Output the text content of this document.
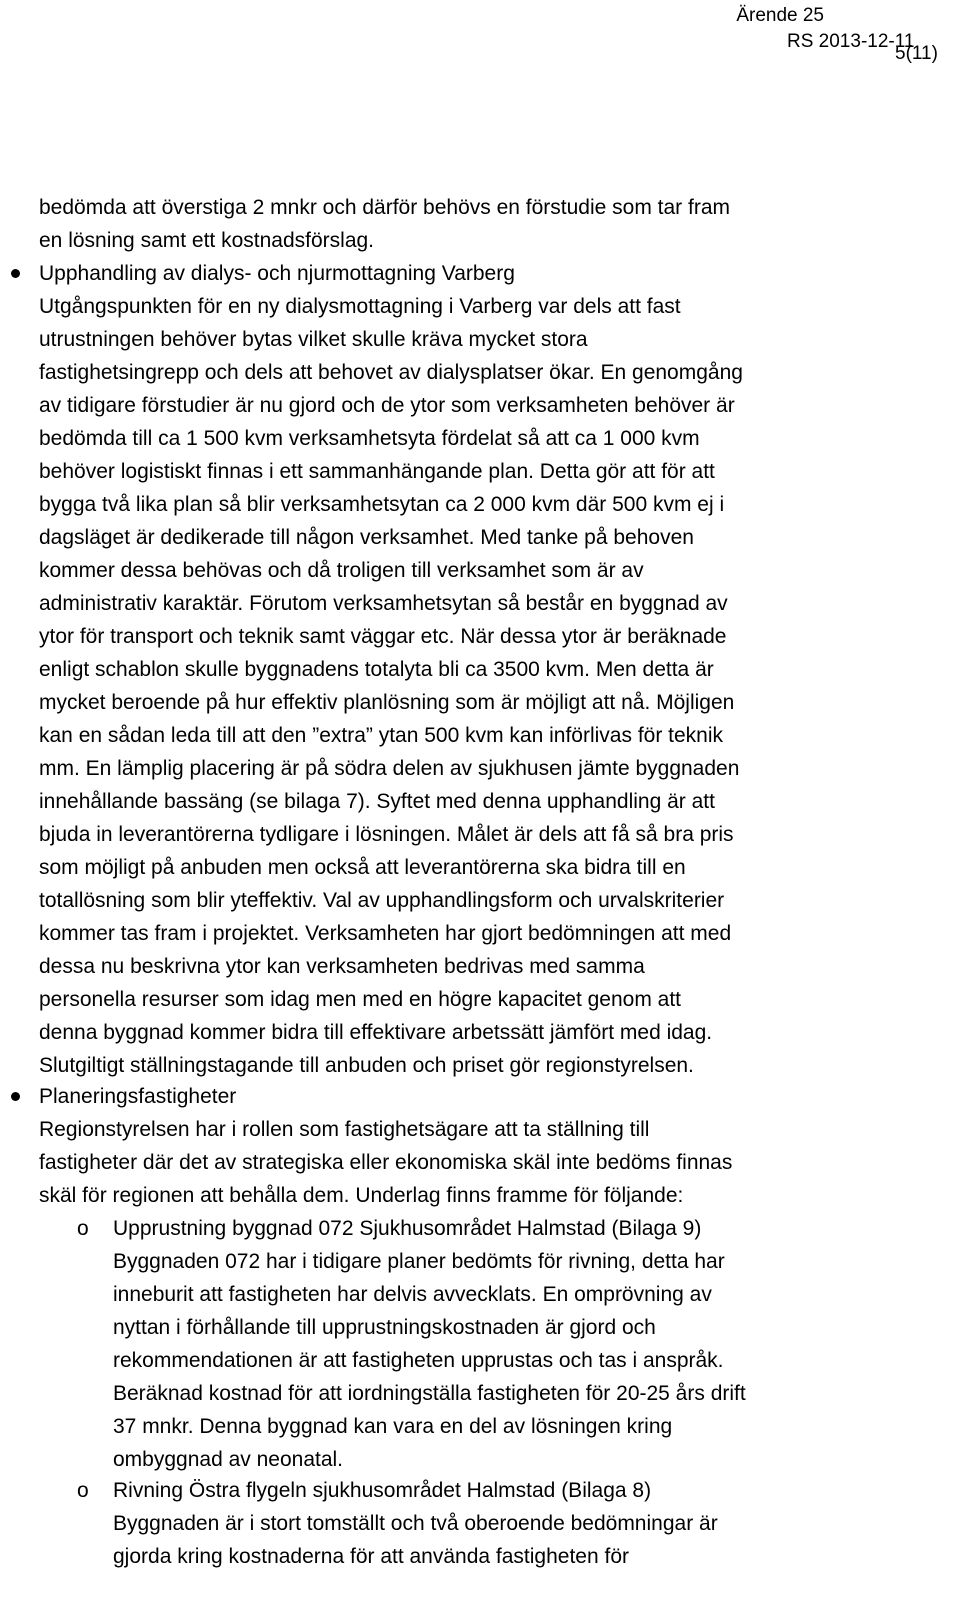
Ärende 25
RS 2013-12-11
5(11)
bedömda att överstiga 2 mnkr och därför behövs en förstudie som tar fram
en lösning samt ett kostnadsförslag.
Upphandling av dialys- och njurmottagning Varberg
Utgångspunkten för en ny dialysmottagning i Varberg var dels att fast
utrustningen behöver bytas vilket skulle kräva mycket stora
fastighetsingrepp och dels att behovet av dialysplatser ökar. En genomgång
av tidigare förstudier är nu gjord och de ytor som verksamheten behöver är
bedömda till ca 1 500 kvm verksamhetsyta fördelat så att ca 1 000 kvm
behöver logistiskt finnas i ett sammanhängande plan. Detta gör att för att
bygga två lika plan så blir verksamhetsytan ca 2 000 kvm där 500 kvm ej i
dagsläget är dedikerade till någon verksamhet. Med tanke på behoven
kommer dessa behövas och då troligen till verksamhet som är av
administrativ karaktär. Förutom verksamhetsytan så består en byggnad av
ytor för transport och teknik samt väggar etc. När dessa ytor är beräknade
enligt schablon skulle byggnadens totalyta bli ca 3500 kvm. Men detta är
mycket beroende på hur effektiv planlösning som är möjligt att nå. Möjligen
kan en sådan leda till att den ”extra” ytan 500 kvm kan införlivas för teknik
mm. En lämplig placering är på södra delen av sjukhusen jämte byggnaden
innehållande bassäng (se bilaga 7). Syftet med denna upphandling är att
bjuda in leverantörerna tydligare i lösningen. Målet är dels att få så bra pris
som möjligt på anbuden men också att leverantörerna ska bidra till en
totallösning som blir yteffektiv. Val av upphandlingsform och urvalskriterier
kommer tas fram i projektet. Verksamheten har gjort bedömningen att med
dessa nu beskrivna ytor kan verksamheten bedrivas med samma
personella resurser som idag men med en högre kapacitet genom att
denna byggnad kommer bidra till effektivare arbetssätt jämfört med idag.
Slutgiltigt ställningstagande till anbuden och priset gör regionstyrelsen.
Planeringsfastigheter
Regionstyrelsen har i rollen som fastighetsägare att ta ställning till
fastigheter där det av strategiska eller ekonomiska skäl inte bedöms finnas
skäl för regionen att behålla dem. Underlag finns framme för följande:
o Upprustning byggnad 072 Sjukhusområdet Halmstad (Bilaga 9)
Byggnaden 072 har i tidigare planer bedömts för rivning, detta har
inneburit att fastigheten har delvis avvecklats. En omprövning av
nyttan i förhållande till upprustningskostnaden är gjord och
rekommendationen är att fastigheten upprustas och tas i anspråk.
Beräknad kostnad för att iordningställa fastigheten för 20-25 års drift
37 mnkr. Denna byggnad kan vara en del av lösningen kring
ombyggnad av neonatal.
o Rivning Östra flygeln sjukhusområdet Halmstad (Bilaga 8)
Byggnaden är i stort tomställt och två oberoende bedömningar är
gjorda kring kostnaderna för att använda fastigheten för
